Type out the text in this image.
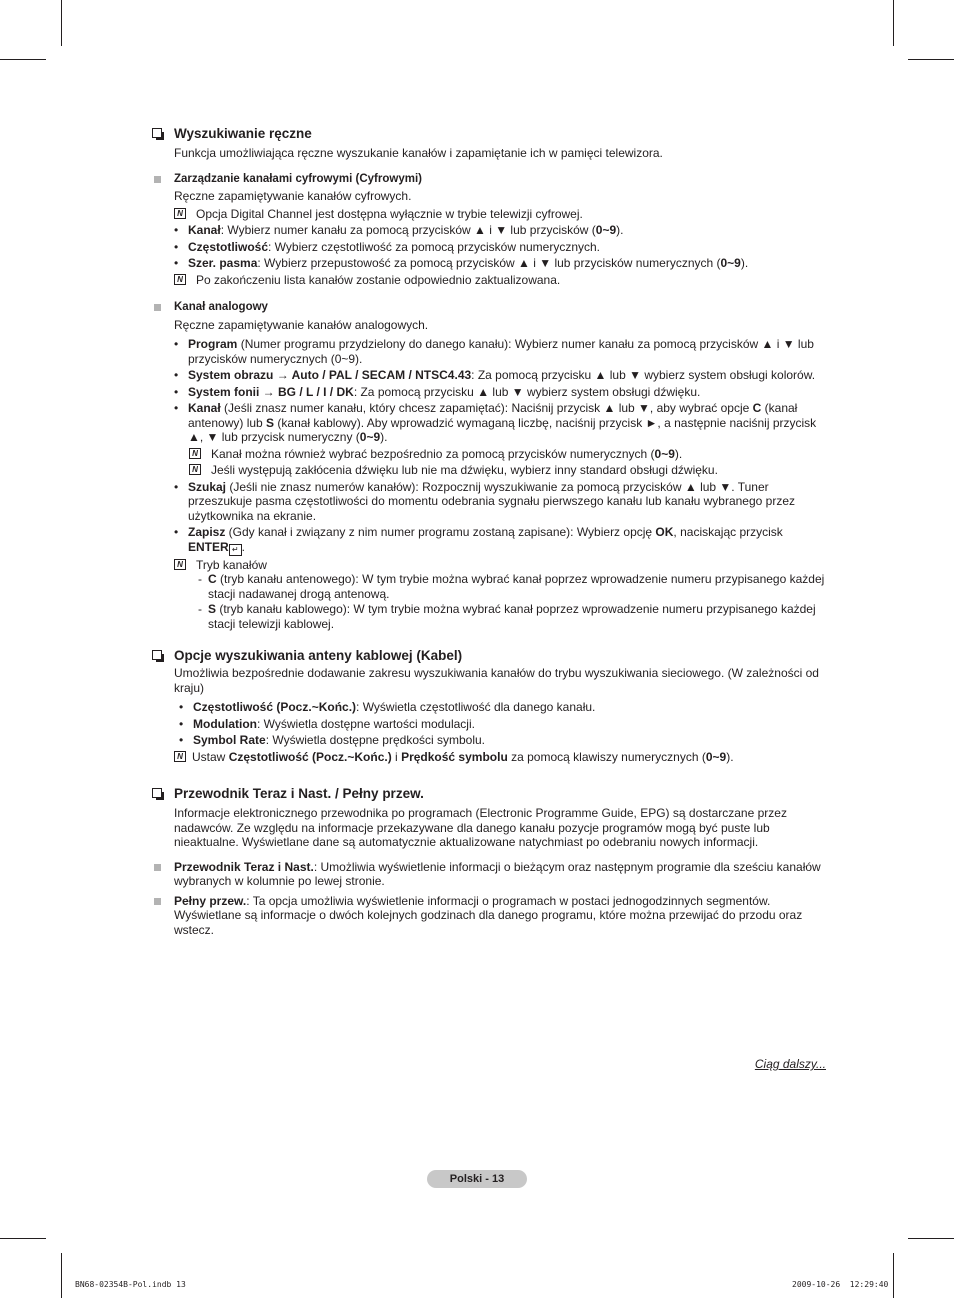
Wyszukiwanie ręczne
Funkcja umożliwiająca ręczne wyszukanie kanałów i zapamiętanie ich w pamięci telewizora.
Zarządzanie kanałami cyfrowymi (Cyfrowymi)
Ręczne zapamiętywanie kanałów cyfrowych.
N Opcja Digital Channel jest dostępna wyłącznie w trybie telewizji cyfrowej.
• Kanał: Wybierz numer kanału za pomocą przycisków ▲ i ▼ lub przycisków (0~9).
• Częstotliwość: Wybierz częstotliwość za pomocą przycisków numerycznych.
• Szer. pasma: Wybierz przepustowość za pomocą przycisków ▲ i ▼ lub przycisków numerycznych (0~9).
N Po zakończeniu lista kanałów zostanie odpowiednio zaktualizowana.
Kanał analogowy
Ręczne zapamiętywanie kanałów analogowych.
• Program (Numer programu przydzielony do danego kanału): Wybierz numer kanału za pomocą przycisków ▲ i ▼ lub przycisków numerycznych (0~9).
• System obrazu → Auto / PAL / SECAM / NTSC4.43: Za pomocą przycisku ▲ lub ▼ wybierz system obsługi kolorów.
• System fonii → BG / L / I / DK: Za pomocą przycisku ▲ lub ▼ wybierz system obsługi dźwięku.
• Kanał (Jeśli znasz numer kanału, który chcesz zapamiętać): Naciśnij przycisk ▲ lub ▼, aby wybrać opcje C (kanał antenowy) lub S (kanał kablowy). Aby wprowadzić wymaganą liczbę, naciśnij przycisk ►, a następnie naciśnij przycisk ▲, ▼ lub przycisk numeryczny (0~9).
N Kanał można również wybrać bezpośrednio za pomocą przycisków numerycznych (0~9).
N Jeśli występują zakłócenia dźwięku lub nie ma dźwięku, wybierz inny standard obsługi dźwięku.
• Szukaj (Jeśli nie znasz numerów kanałów): Rozpocznij wyszukiwanie za pomocą przycisków ▲ lub ▼. Tuner przeszukuje pasma częstotliwości do momentu odebrania sygnału pierwszego kanału lub kanału wybranego przez użytkownika na ekranie.
• Zapisz (Gdy kanał i związany z nim numer programu zostaną zapisane): Wybierz opcję OK, naciskając przycisk ENTER ↵ .
N Tryb kanałów
- C (tryb kanału antenowego): W tym trybie można wybrać kanał poprzez wprowadzenie numeru przypisanego każdej stacji nadawanej drogą antenową.
- S (tryb kanału kablowego): W tym trybie można wybrać kanał poprzez wprowadzenie numeru przypisanego każdej stacji telewizji kablowej.
Opcje wyszukiwania anteny kablowej (Kabel)
Umożliwia bezpośrednie dodawanie zakresu wyszukiwania kanałów do trybu wyszukiwania sieciowego. (W zależności od kraju)
• Częstotliwość (Pocz.~Końc.): Wyświetla częstotliwość dla danego kanału.
• Modulation: Wyświetla dostępne wartości modulacji.
• Symbol Rate: Wyświetla dostępne prędkości symbolu.
N Ustaw Częstotliwość (Pocz.~Końc.) i Prędkość symbolu za pomocą klawiszy numerycznych (0~9).
Przewodnik Teraz i Nast. / Pełny przew.
Informacje elektronicznego przewodnika po programach (Electronic Programme Guide, EPG) są dostarczane przez nadawców. Ze względu na informacje przekazywane dla danego kanału pozycje programów mogą być puste lub nieaktualne. Wyświetlane dane są automatycznie aktualizowane natychmiast po odebraniu nowych informacji.
Przewodnik Teraz i Nast.: Umożliwia wyświetlenie informacji o bieżącym oraz następnym programie dla sześciu kanałów wybranych w kolumnie po lewej stronie.
Pełny przew.: Ta opcja umożliwia wyświetlenie informacji o programach w postaci jednogodzinnych segmentów. Wyświetlane są informacje o dwóch kolejnych godzinach dla danego programu, które można przewijać do przodu oraz wstecz.
Ciąg dalszy...
Polski - 13
BN68-02354B-Pol.indb 13	2009-10-26 ￼12:29:40
